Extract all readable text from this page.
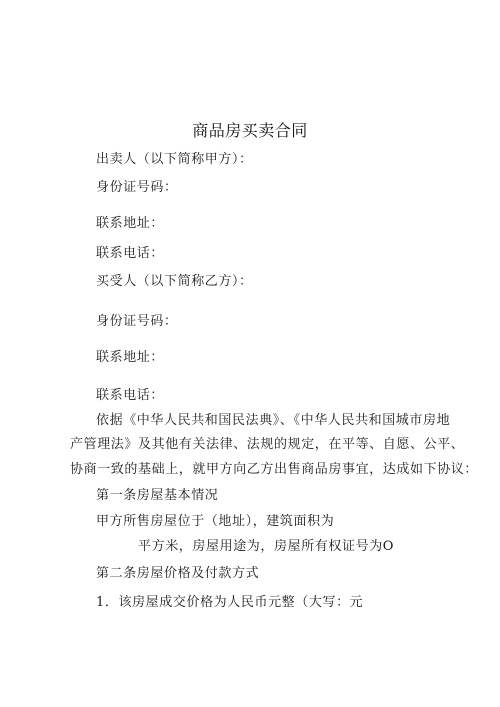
商品房买卖合同
出卖人（以下简称甲方）：
身份证号码：
联系地址：
联系电话：
买受人（以下简称乙方）：
身份证号码：
联系地址：
联系电话：
依据《中华人民共和国民法典》、《中华人民共和国城市房地
产管理法》及其他有关法律、法规的规定，在平等、自愿、公平、
协商一致的基础上，就甲方向乙方出售商品房事宜，达成如下协议：
第一条房屋基本情况
甲方所售房屋位于（地址），建筑面积为
平方米，房屋用途为，房屋所有权证号为O
第二条房屋价格及付款方式
1．该房屋成交价格为人民币元整（大写：元
